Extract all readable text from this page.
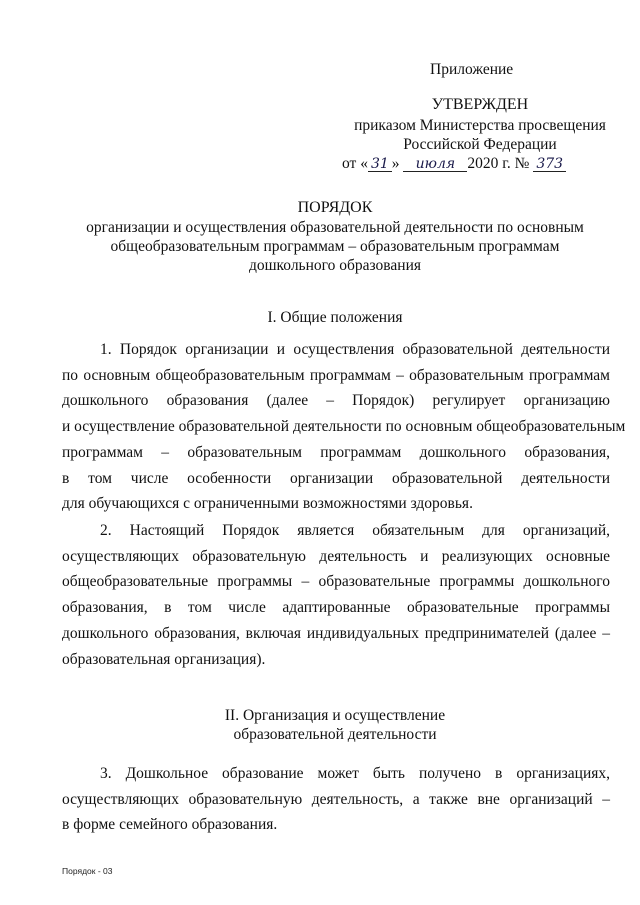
Приложение
УТВЕРЖДЕН
приказом Министерства просвещения
Российской Федерации
от « 31 » июля 2020 г. № 373
ПОРЯДОК
организации и осуществления образовательной деятельности по основным
общеобразовательным программам – образовательным программам
дошкольного образования
I. Общие положения
1. Порядок организации и осуществления образовательной деятельности
по основным общеобразовательным программам – образовательным программам
дошкольного образования (далее – Порядок) регулирует организацию
и осуществление образовательной деятельности по основным общеобразовательным
программам – образовательным программам дошкольного образования,
в том числе особенности организации образовательной деятельности
для обучающихся с ограниченными возможностями здоровья.
2. Настоящий Порядок является обязательным для организаций,
осуществляющих образовательную деятельность и реализующих основные
общеобразовательные программы – образовательные программы дошкольного
образования, в том числе адаптированные образовательные программы
дошкольного образования, включая индивидуальных предпринимателей (далее –
образовательная организация).
II. Организация и осуществление
образовательной деятельности
3. Дошкольное образование может быть получено в организациях,
осуществляющих образовательную деятельность, а также вне организаций –
в форме семейного образования.
Порядок - 03
